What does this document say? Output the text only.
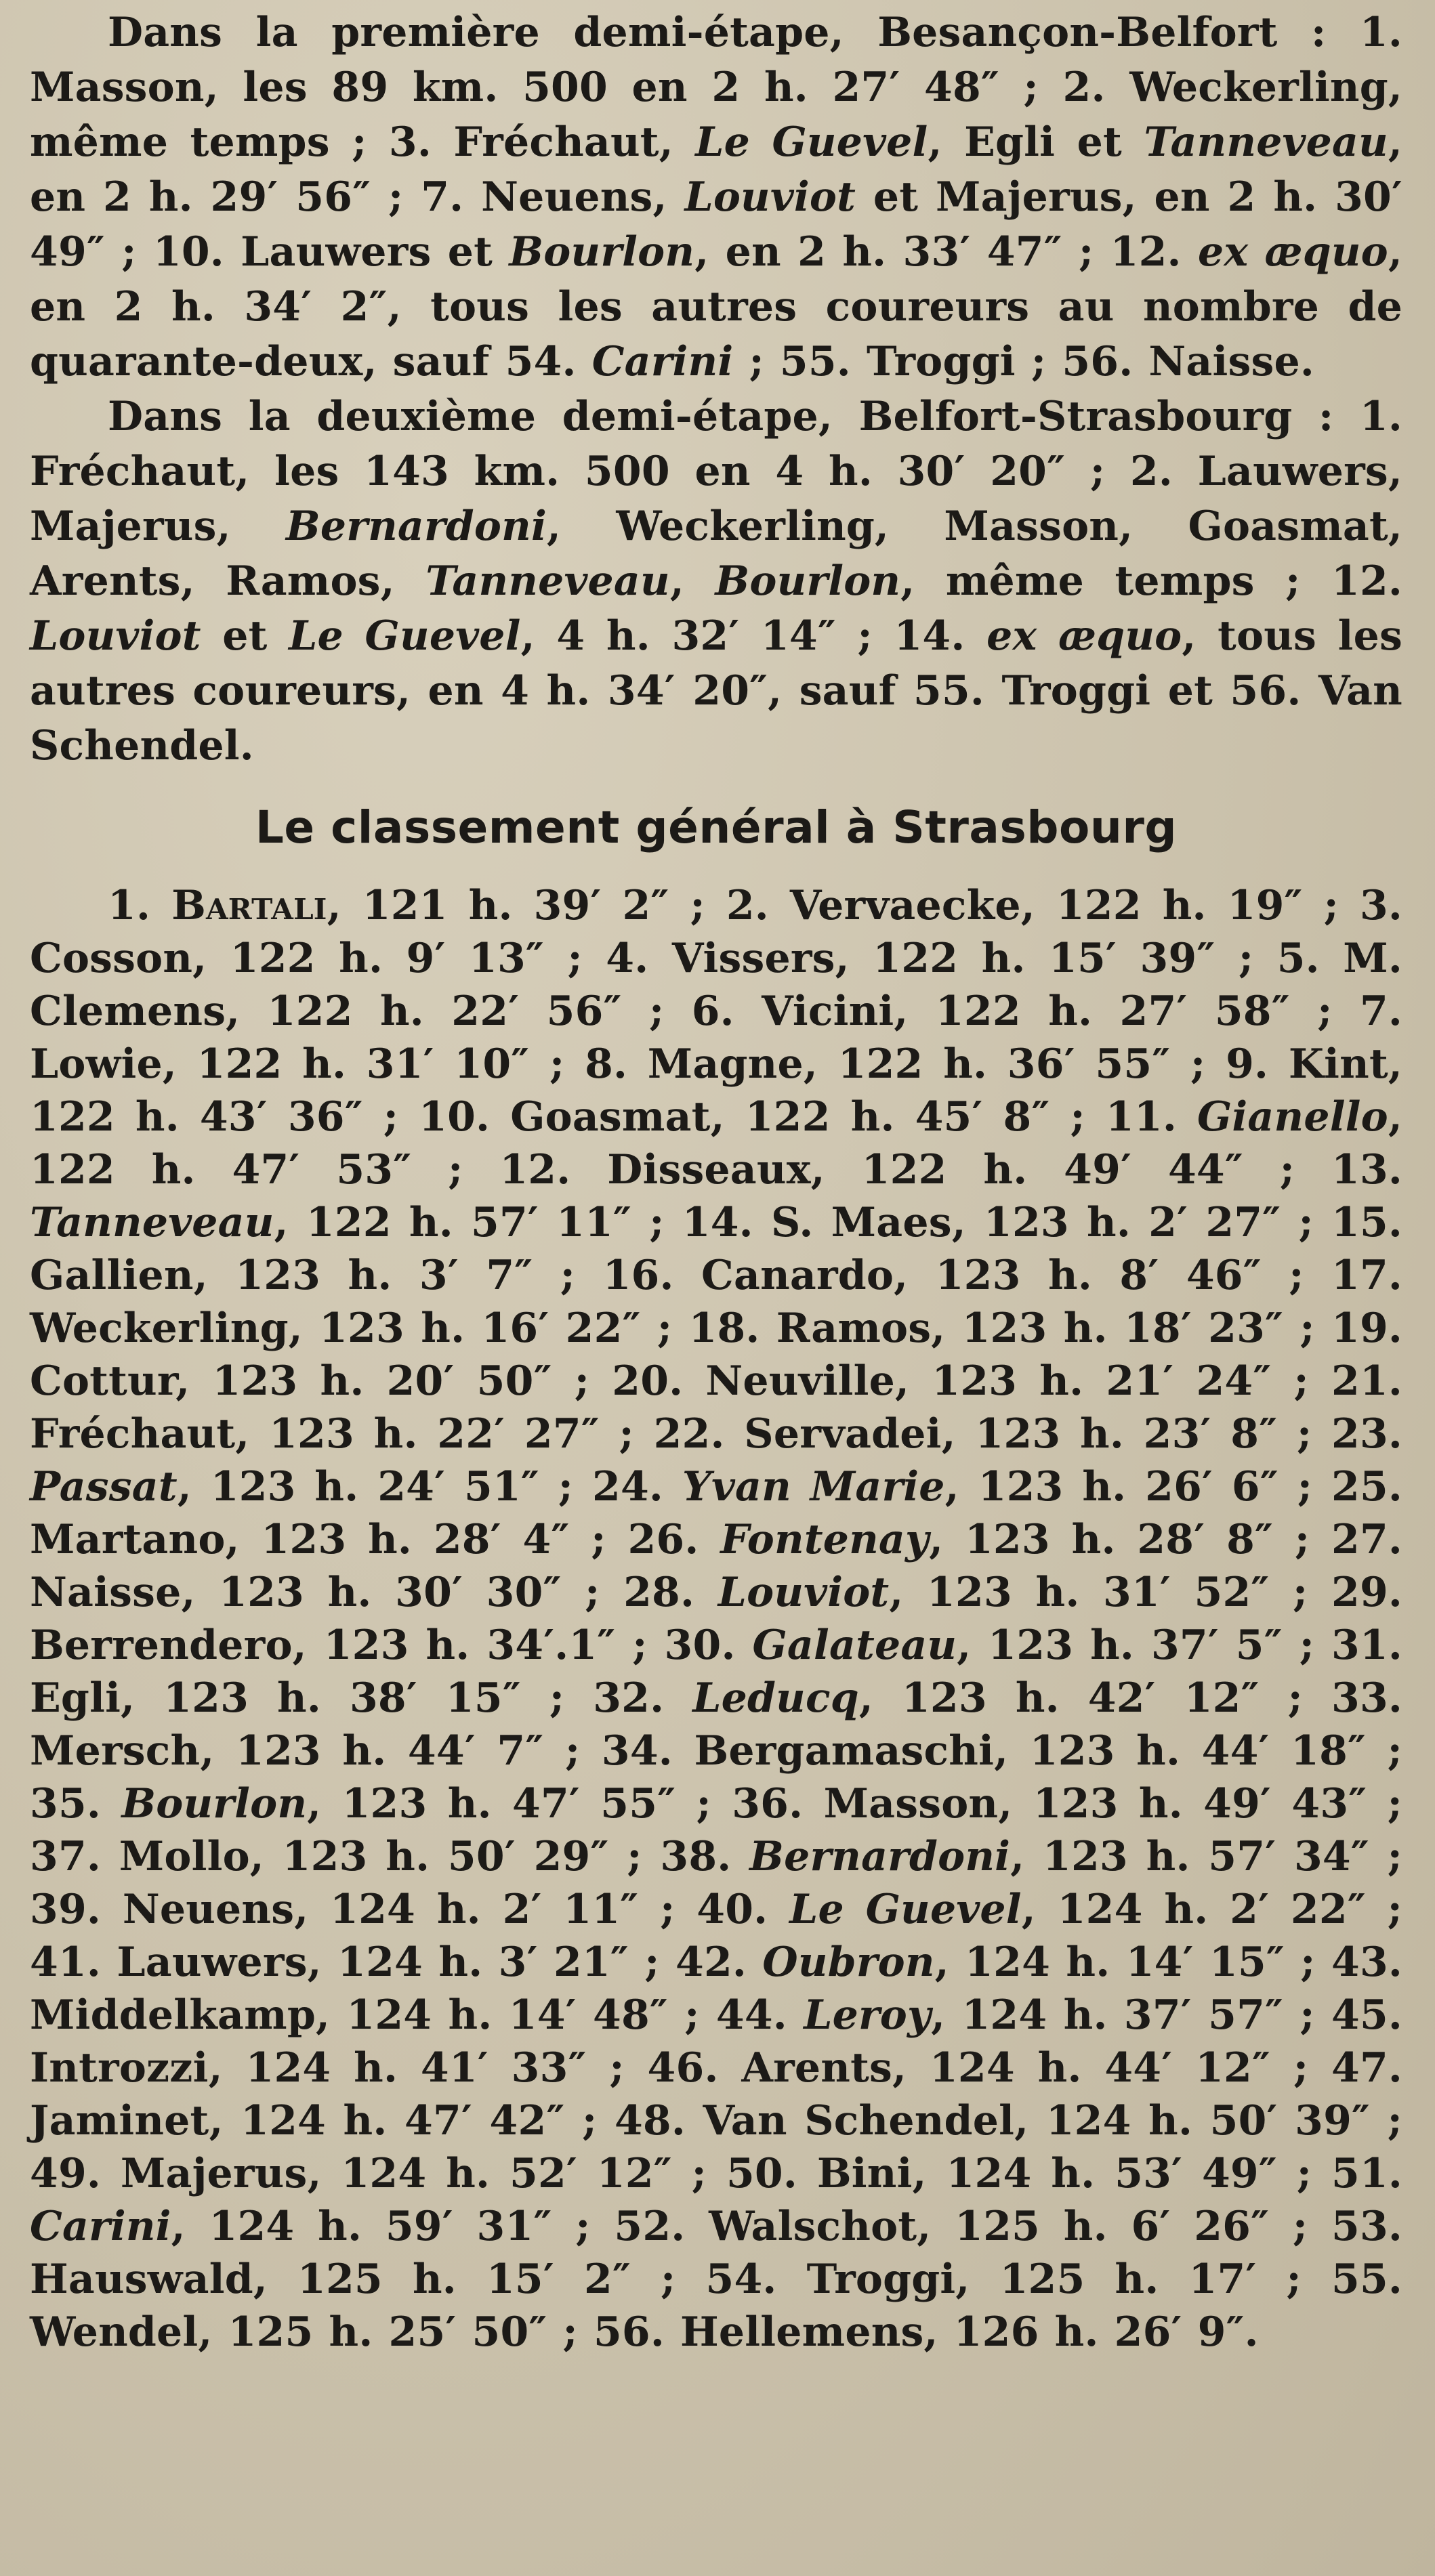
Dans la première demi-étape, Besançon-Belfort : 1. Masson, les 89 km. 500 en 2 h. 27′ 48″ ; 2. Weckerling, même temps ; 3. Fréchaut, Le Guevel, Egli et Tanneveau, en 2 h. 29′ 56″ ; 7. Neuens, Louviot et Majerus, en 2 h. 30′ 49″ ; 10. Lauwers et Bourlon, en 2 h. 33′ 47″ ; 12. ex æquo, en 2 h. 34′ 2″, tous les autres coureurs au nombre de quarante-deux, sauf 54. Carini ; 55. Troggi ; 56. Naisse.

Dans la deuxième demi-étape, Belfort-Strasbourg : 1. Fréchaut, les 143 km. 500 en 4 h. 30′ 20″ ; 2. Lauwers, Majerus, Bernardoni, Weckerling, Masson, Goasmat, Arents, Ramos, Tanneveau, Bourlon, même temps ; 12. Louviot et Le Guevel, 4 h. 32′ 14″ ; 14. ex æquo, tous les autres coureurs, en 4 h. 34′ 20″, sauf 55. Troggi et 56. Van Schendel.

Le classement général à Strasbourg

1. Bartali, 121 h. 39′ 2″ ; 2. Vervaecke, 122 h. 19″ ; 3. Cosson, 122 h. 9′ 13″ ; 4. Vissers, 122 h. 15′ 39″ ; 5. M. Clemens, 122 h. 22′ 56″ ; 6. Vicini, 122 h. 27′ 58″ ; 7. Lowie, 122 h. 31′ 10″ ; 8. Magne, 122 h. 36′ 55″ ; 9. Kint, 122 h. 43′ 36″ ; 10. Goasmat, 122 h. 45′ 8″ ; 11. Gianello, 122 h. 47′ 53″ ; 12. Disseaux, 122 h. 49′ 44″ ; 13. Tanneveau, 122 h. 57′ 11″ ; 14. S. Maes, 123 h. 2′ 27″ ; 15. Gallien, 123 h. 3′ 7″ ; 16. Canardo, 123 h. 8′ 46″ ; 17. Weckerling, 123 h. 16′ 22″ ; 18. Ramos, 123 h. 18′ 23″ ; 19. Cottur, 123 h. 20′ 50″ ; 20. Neuville, 123 h. 21′ 24″ ; 21. Fréchaut, 123 h. 22′ 27″ ; 22. Servadei, 123 h. 23′ 8″ ; 23. Passat, 123 h. 24′ 51″ ; 24. Yvan Marie, 123 h. 26′ 6″ ; 25. Martano, 123 h. 28′ 4″ ; 26. Fontenay, 123 h. 28′ 8″ ; 27. Naisse, 123 h. 30′ 30″ ; 28. Louviot, 123 h. 31′ 52″ ; 29. Berrendero, 123 h. 34′.1″ ; 30. Galateau, 123 h. 37′ 5″ ; 31. Egli, 123 h. 38′ 15″ ; 32. Leducq, 123 h. 42′ 12″ ; 33. Mersch, 123 h. 44′ 7″ ; 34. Bergamaschi, 123 h. 44′ 18″ ; 35. Bourlon, 123 h. 47′ 55″ ; 36. Masson, 123 h. 49′ 43″ ; 37. Mollo, 123 h. 50′ 29″ ; 38. Bernardoni, 123 h. 57′ 34″ ; 39. Neuens, 124 h. 2′ 11″ ; 40. Le Guevel, 124 h. 2′ 22″ ; 41. Lauwers, 124 h. 3′ 21″ ; 42. Oubron, 124 h. 14′ 15″ ; 43. Middelkamp, 124 h. 14′ 48″ ; 44. Leroy, 124 h. 37′ 57″ ; 45. Introzzi, 124 h. 41′ 33″ ; 46. Arents, 124 h. 44′ 12″ ; 47. Jaminet, 124 h. 47′ 42″ ; 48. Van Schendel, 124 h. 50′ 39″ ; 49. Majerus, 124 h. 52′ 12″ ; 50. Bini, 124 h. 53′ 49″ ; 51. Carini, 124 h. 59′ 31″ ; 52. Walschot, 125 h. 6′ 26″ ; 53. Hauswald, 125 h. 15′ 2″ ; 54. Troggi, 125 h. 17′ ; 55. Wendel, 125 h. 25′ 50″ ; 56. Hellemens, 126 h. 26′ 9″.
